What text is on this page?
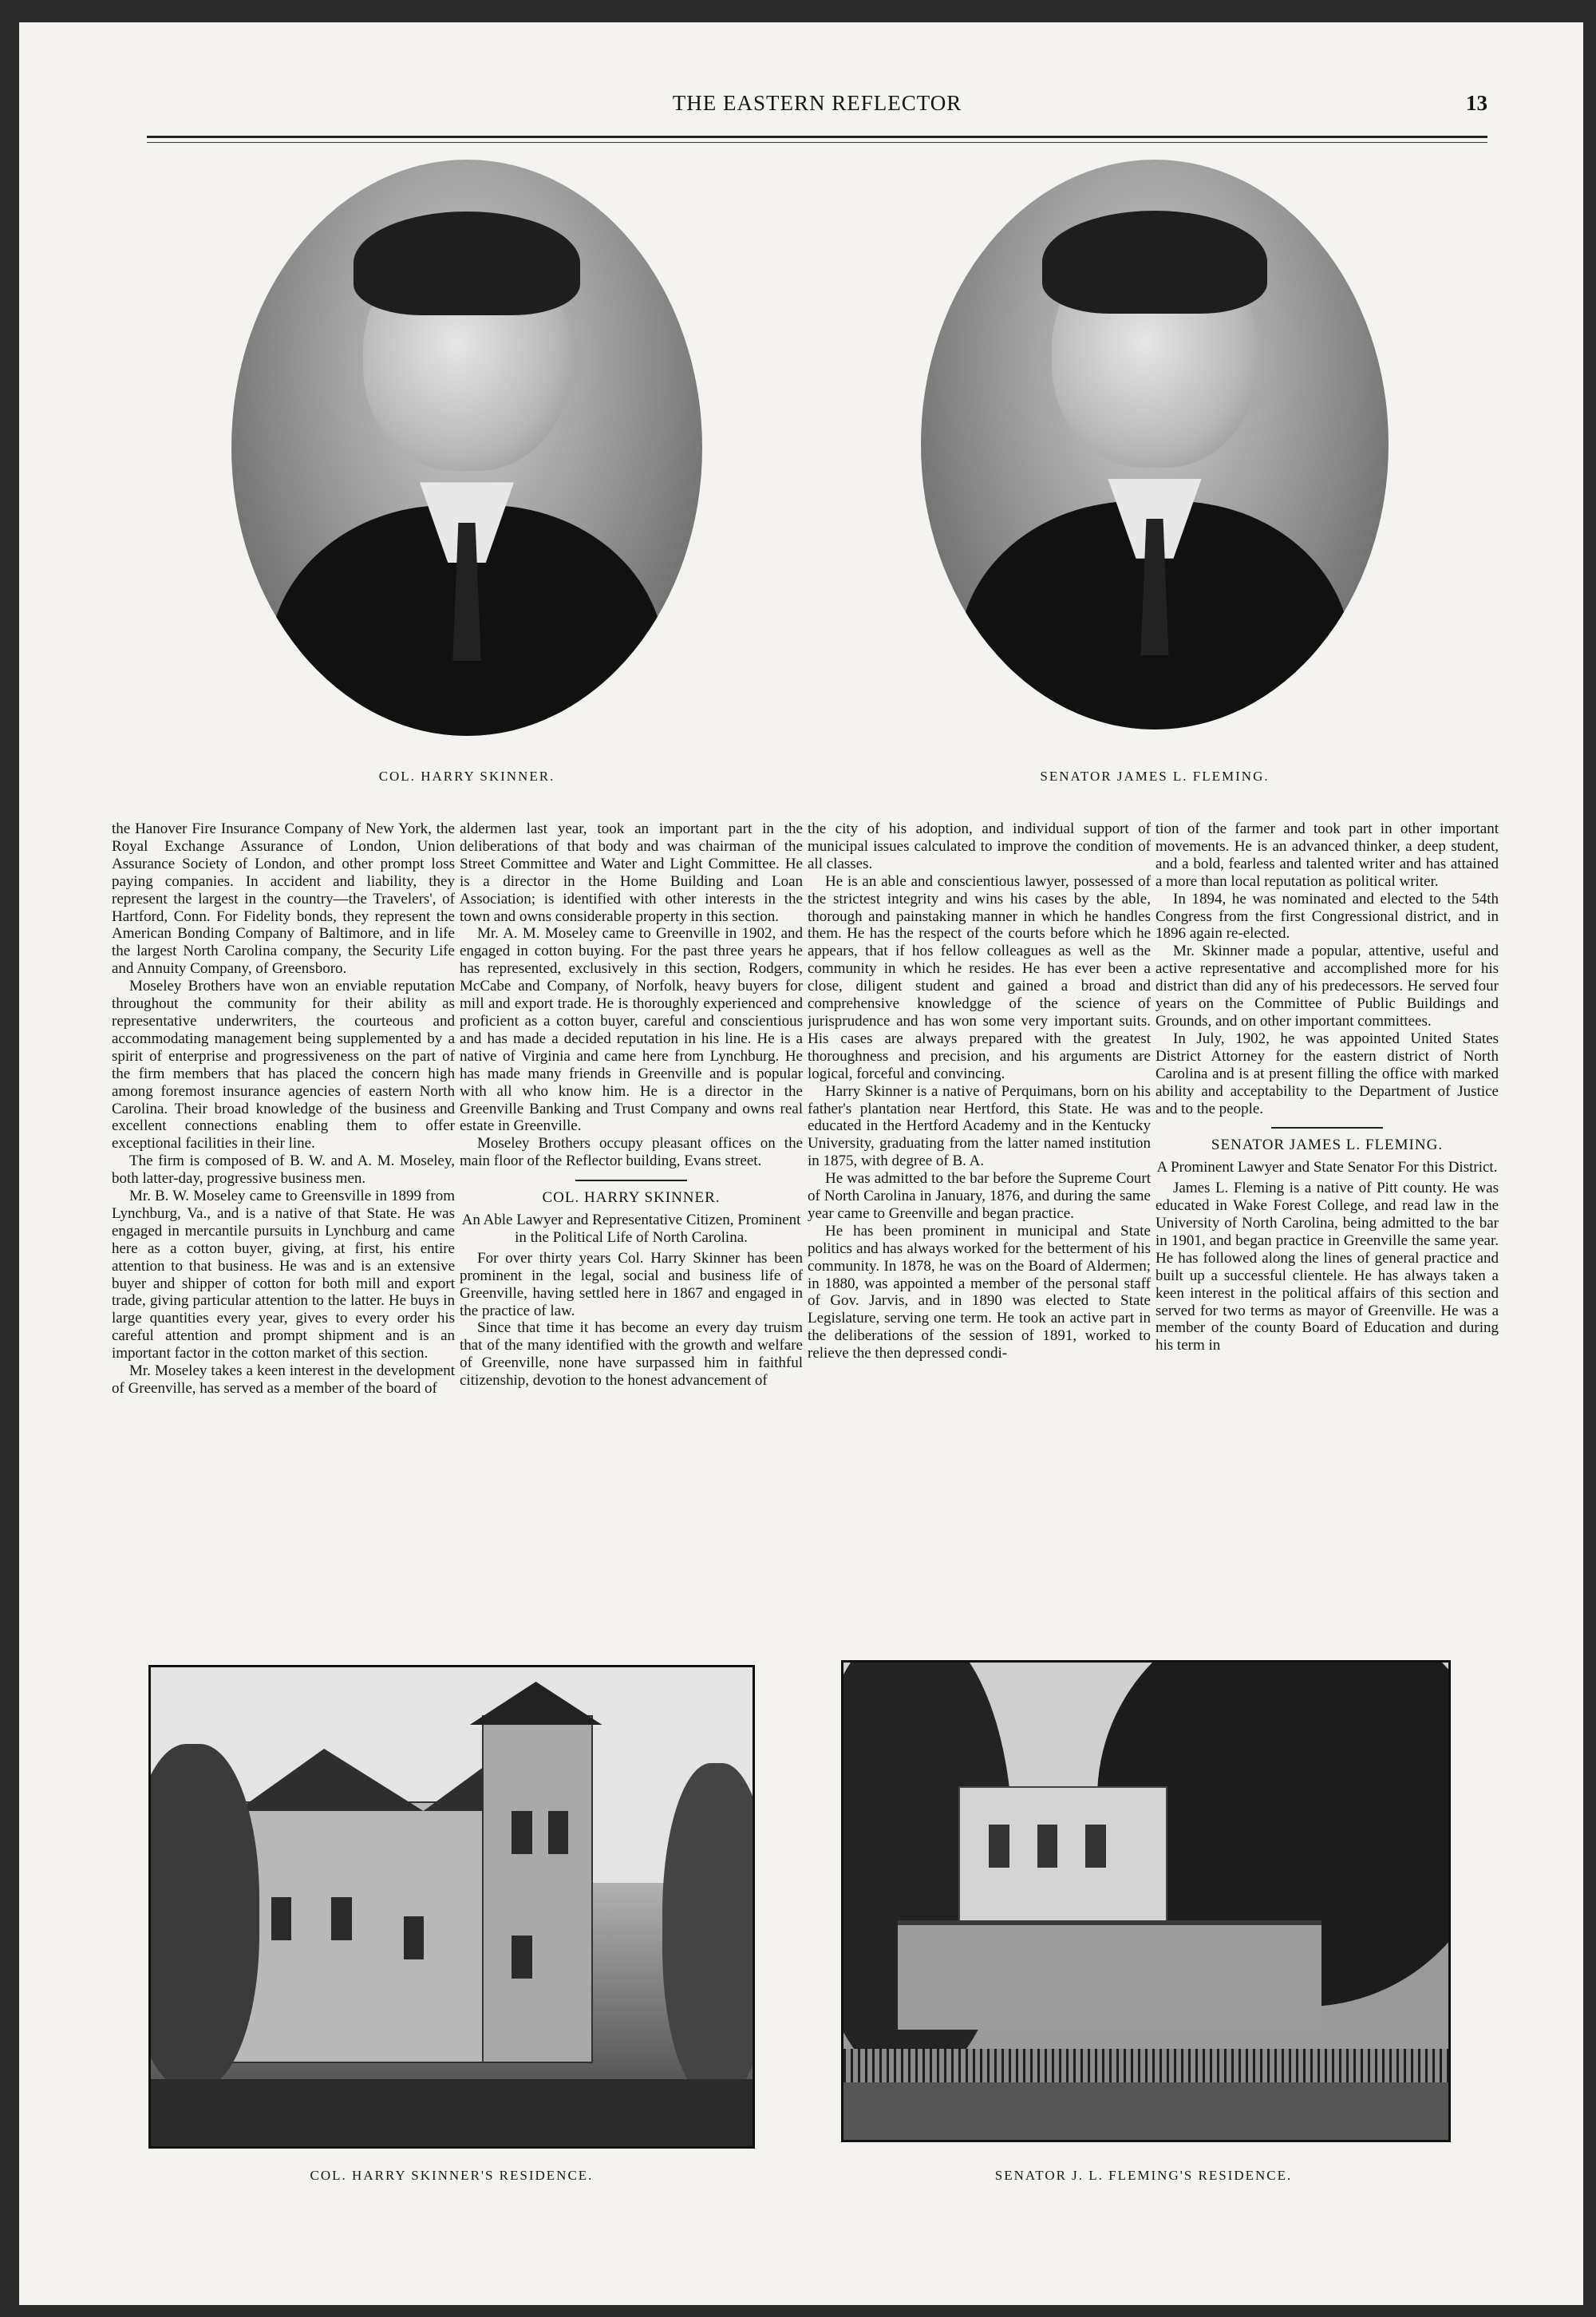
THE EASTERN REFLECTOR	13
COL. HARRY SKINNER.	SENATOR JAMES L. FLEMING.

the Hanover Fire Insurance Company of New York, the Royal Exchange Assurance of London, Union Assurance Society of London, and other prompt loss paying companies. In accident and liability, they represent the largest in the country—the Travelers', of Hartford, Conn. For Fidelity bonds, they represent the American Bonding Company of Baltimore, and in life the largest North Carolina company, the Security Life and Annuity Company, of Greensboro.

Moseley Brothers have won an enviable reputation throughout the community for their ability as representative underwriters, the courteous and accommodating management being supplemented by a spirit of enterprise and progressiveness on the part of the firm members that has placed the concern high among foremost insurance agencies of eastern North Carolina. Their broad knowledge of the business and excellent connections enabling them to offer exceptional facilities in their line.

The firm is composed of B. W. and A. M. Moseley, both latter-day, progressive business men.

Mr. B. W. Moseley came to Greensville in 1899 from Lynchburg, Va., and is a native of that State. He was engaged in mercantile pursuits in Lynchburg and came here as a cotton buyer, giving, at first, his entire attention to that business. He was and is an extensive buyer and shipper of cotton for both mill and export trade, giving particular attention to the latter. He buys in large quantities every year, gives to every order his careful attention and prompt shipment and is an important factor in the cotton market of this section.

Mr. Moseley takes a keen interest in the development of Greenville, has served as a member of the board of

aldermen last year, took an important part in the deliberations of that body and was chairman of the Street Committee and Water and Light Committee. He is a director in the Home Building and Loan Association; is identified with other interests in the town and owns considerable property in this section.

Mr. A. M. Moseley came to Greenville in 1902, and engaged in cotton buying. For the past three years he has represented, exclusively in this section, Rodgers, McCabe and Company, of Norfolk, heavy buyers for mill and export trade. He is thoroughly experienced and proficient as a cotton buyer, careful and conscientious and has made a decided reputation in his line. He is a native of Virginia and came here from Lynchburg. He has made many friends in Greenville and is popular with all who know him. He is a director in the Greenville Banking and Trust Company and owns real estate in Greenville.

Moseley Brothers occupy pleasant offices on the main floor of the Reflector building, Evans street.

COL. HARRY SKINNER.

An Able Lawyer and Representative Citizen, Prominent in the Political Life of North Carolina.

For over thirty years Col. Harry Skinner has been prominent in the legal, social and business life of Greenville, having settled here in 1867 and engaged in the practice of law.

Since that time it has become an every day truism that of the many identified with the growth and welfare of Greenville, none have surpassed him in faithful citizenship, devotion to the honest advancement of

the city of his adoption, and individual support of municipal issues calculated to improve the condition of all classes.

He is an able and conscientious lawyer, possessed of the strictest integrity and wins his cases by the able, thorough and painstaking manner in which he handles them. He has the respect of the courts before which he appears, that if hos fellow colleagues as well as the community in which he resides. He has ever been a close, diligent student and gained a broad and comprehensive knowledgge of the science of jurisprudence and has won some very important suits. His cases are always prepared with the greatest thoroughness and precision, and his arguments are logical, forceful and convincing.

Harry Skinner is a native of Perquimans, born on his father's plantation near Hertford, this State. He was educated in the Hertford Academy and in the Kentucky University, graduating from the latter named institution in 1875, with degree of B. A.

He was admitted to the bar before the Supreme Court of North Carolina in January, 1876, and during the same year came to Greenville and began practice.

He has been prominent in municipal and State politics and has always worked for the betterment of his community. In 1878, he was on the Board of Aldermen; in 1880, was appointed a member of the personal staff of Gov. Jarvis, and in 1890 was elected to State Legislature, serving one term. He took an active part in the deliberations of the session of 1891, worked to relieve the then depressed condi-

tion of the farmer and took part in other important movements. He is an advanced thinker, a deep student, and a bold, fearless and talented writer and has attained a more than local reputation as political writer.

In 1894, he was nominated and elected to the 54th Congress from the first Congressional district, and in 1896 again re-elected.

Mr. Skinner made a popular, attentive, useful and active representative and accomplished more for his district than did any of his predecessors. He served four years on the Committee of Public Buildings and Grounds, and on other important committees.

In July, 1902, he was appointed United States District Attorney for the eastern district of North Carolina and is at present filling the office with marked ability and acceptability to the Department of Justice and to the people.

SENATOR JAMES L. FLEMING.

A Prominent Lawyer and State Senator For this District.

James L. Fleming is a native of Pitt county. He was educated in Wake Forest College, and read law in the University of North Carolina, being admitted to the bar in 1901, and began practice in Greenville the same year. He has followed along the lines of general practice and built up a successful clientele. He has always taken a keen interest in the political affairs of this section and served for two terms as mayor of Greenville. He was a member of the county Board of Education and during his term in

COL. HARRY SKINNER'S RESIDENCE.	SENATOR J. L. FLEMING'S RESIDENCE.
